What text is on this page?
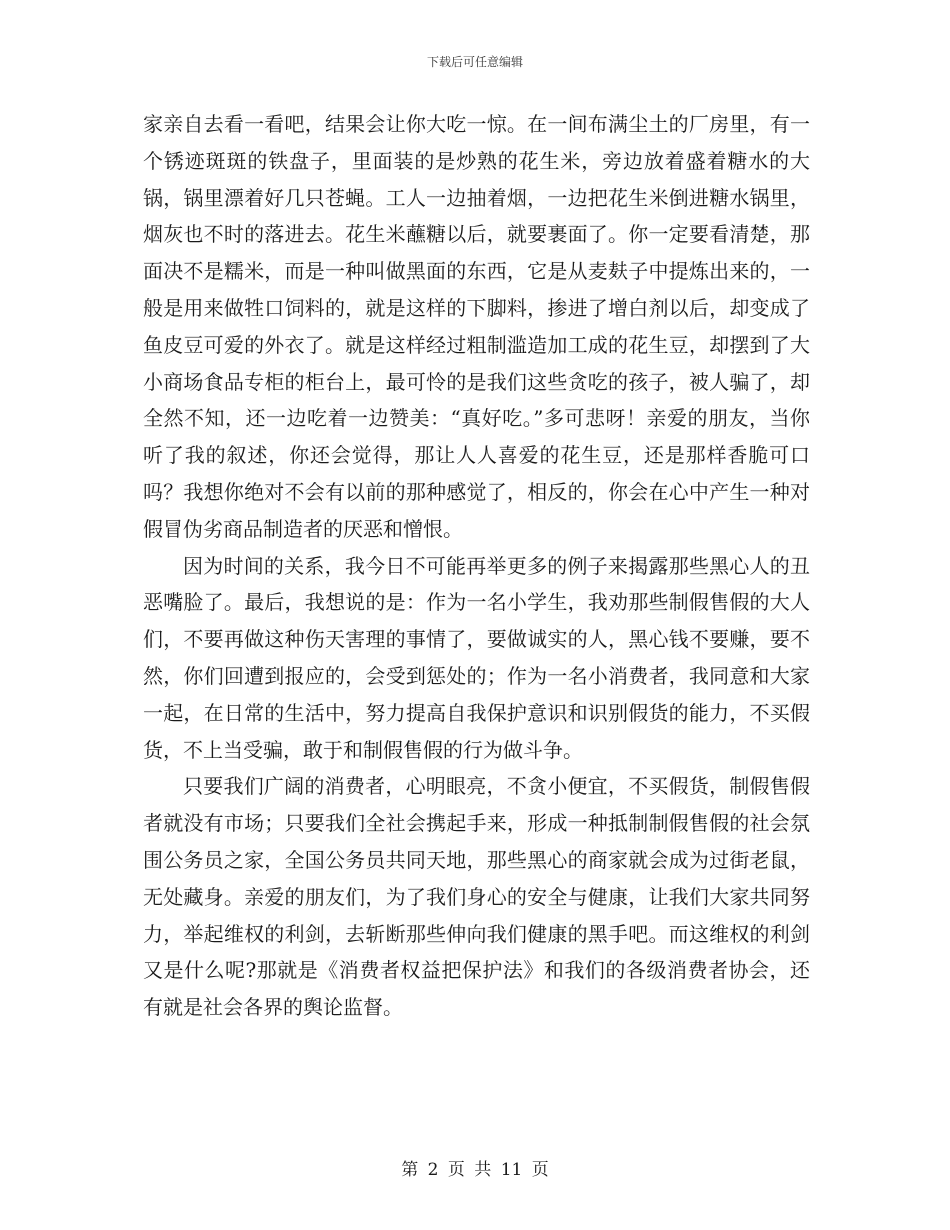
下载后可任意编辑

家亲自去看一看吧，结果会让你大吃一惊。在一间布满尘土的厂房里，有一个锈迹斑斑的铁盘子，里面装的是炒熟的花生米，旁边放着盛着糖水的大锅，锅里漂着好几只苍蝇。工人一边抽着烟，一边把花生米倒进糖水锅里，烟灰也不时的落进去。花生米蘸糖以后，就要裹面了。你一定要看清楚，那面决不是糯米，而是一种叫做黑面的东西，它是从麦麸子中提炼出来的，一般是用来做牲口饲料的，就是这样的下脚料，掺进了增白剂以后，却变成了鱼皮豆可爱的外衣了。就是这样经过粗制滥造加工成的花生豆，却摆到了大小商场食品专柜的柜台上，最可怜的是我们这些贪吃的孩子，被人骗了，却全然不知，还一边吃着一边赞美：“真好吃。”多可悲呀！亲爱的朋友，当你听了我的叙述，你还会觉得，那让人人喜爱的花生豆，还是那样香脆可口吗？我想你绝对不会有以前的那种感觉了，相反的，你会在心中产生一种对假冒伪劣商品制造者的厌恶和憎恨。

因为时间的关系，我今日不可能再举更多的例子来揭露那些黑心人的丑恶嘴脸了。最后，我想说的是：作为一名小学生，我劝那些制假售假的大人们，不要再做这种伤天害理的事情了，要做诚实的人，黑心钱不要赚，要不然，你们回遭到报应的，会受到惩处的；作为一名小消费者，我同意和大家一起，在日常的生活中，努力提高自我保护意识和识别假货的能力，不买假货，不上当受骗，敢于和制假售假的行为做斗争。

只要我们广阔的消费者，心明眼亮，不贪小便宜，不买假货，制假售假者就没有市场；只要我们全社会携起手来，形成一种抵制制假售假的社会氛围公务员之家，全国公务员共同天地，那些黑心的商家就会成为过街老鼠，无处藏身。亲爱的朋友们，为了我们身心的安全与健康，让我们大家共同努力，举起维权的利剑，去斩断那些伸向我们健康的黑手吧。而这维权的利剑又是什么呢?那就是《消费者权益把保护法》和我们的各级消费者协会，还有就是社会各界的舆论监督。

第 2 页 共 11 页
